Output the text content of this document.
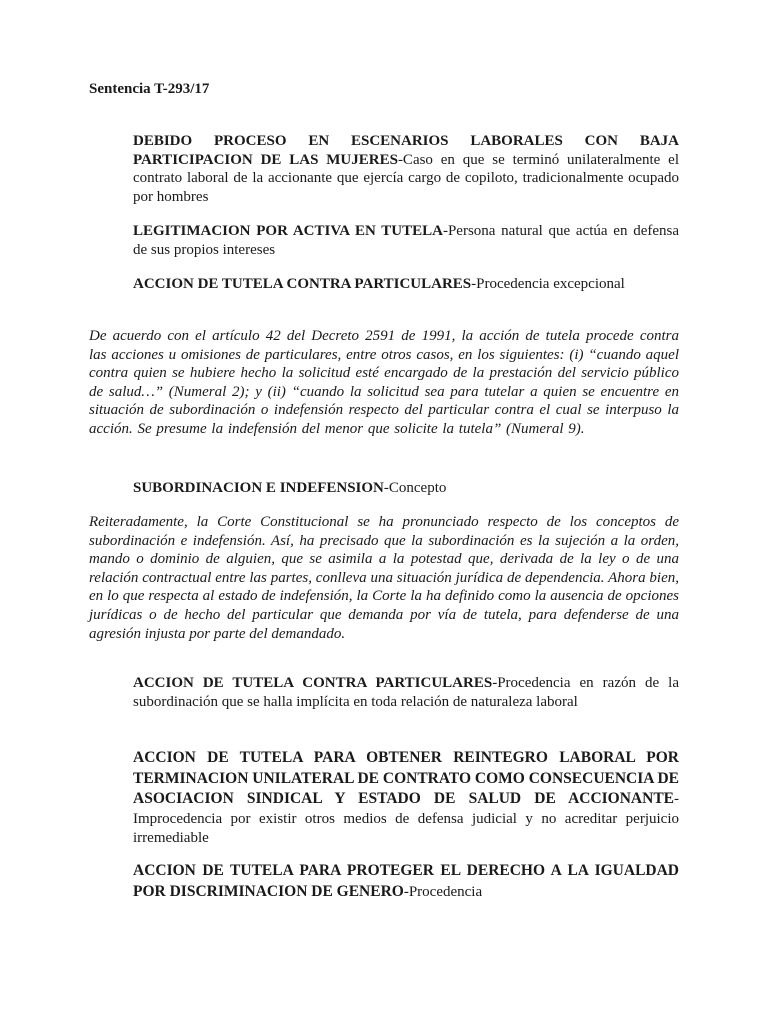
Sentencia T-293/17
DEBIDO PROCESO EN ESCENARIOS LABORALES CON BAJA PARTICIPACION DE LAS MUJERES-Caso en que se terminó unilateralmente el contrato laboral de la accionante que ejercía cargo de copiloto, tradicionalmente ocupado por hombres
LEGITIMACION POR ACTIVA EN TUTELA-Persona natural que actúa en defensa de sus propios intereses
ACCION DE TUTELA CONTRA PARTICULARES-Procedencia excepcional
De acuerdo con el artículo 42 del Decreto 2591 de 1991, la acción de tutela procede contra las acciones u omisiones de particulares, entre otros casos, en los siguientes: (i) “cuando aquel contra quien se hubiere hecho la solicitud esté encargado de la prestación del servicio público de salud…” (Numeral 2); y (ii) “cuando la solicitud sea para tutelar a quien se encuentre en situación de subordinación o indefensión respecto del particular contra el cual se interpuso la acción. Se presume la indefensión del menor que solicite la tutela” (Numeral 9).
SUBORDINACION E INDEFENSION-Concepto
Reiteradamente, la Corte Constitucional se ha pronunciado respecto de los conceptos de subordinación e indefensión. Así, ha precisado que la subordinación es la sujeción a la orden, mando o dominio de alguien, que se asimila a la potestad que, derivada de la ley o de una relación contractual entre las partes, conlleva una situación jurídica de dependencia. Ahora bien, en lo que respecta al estado de indefensión, la Corte la ha definido como la ausencia de opciones jurídicas o de hecho del particular que demanda por vía de tutela, para defenderse de una agresión injusta por parte del demandado.
ACCION DE TUTELA CONTRA PARTICULARES-Procedencia en razón de la subordinación que se halla implícita en toda relación de naturaleza laboral
ACCION DE TUTELA PARA OBTENER REINTEGRO LABORAL POR TERMINACION UNILATERAL DE CONTRATO COMO CONSECUENCIA DE ASOCIACION SINDICAL Y ESTADO DE SALUD DE ACCIONANTE-Improcedencia por existir otros medios de defensa judicial y no acreditar perjuicio irremediable
ACCION DE TUTELA PARA PROTEGER EL DERECHO A LA IGUALDAD POR DISCRIMINACION DE GENERO-Procedencia
